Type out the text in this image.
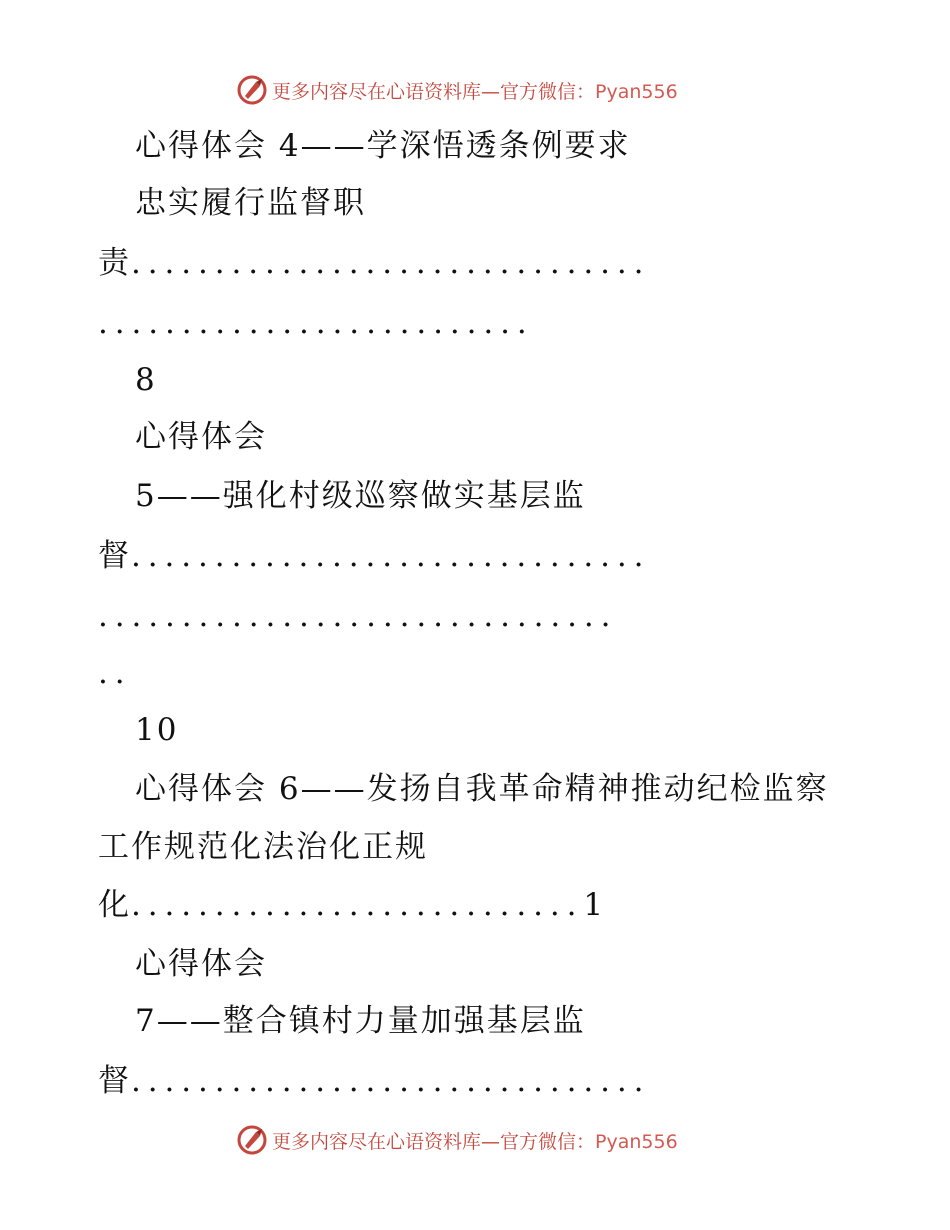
更多内容尽在心语资料库—官方微信：Pyan556
心得体会 4——学深悟透条例要求
忠实履行监督职
责...............................
..........................
8
心得体会
5——强化村级巡察做实基层监
督...............................
...............................
..
10
心得体会 6——发扬自我革命精神推动纪检监察
工作规范化法治化正规
化...........................1
心得体会
7——整合镇村力量加强基层监
督...............................
更多内容尽在心语资料库—官方微信：Pyan556
